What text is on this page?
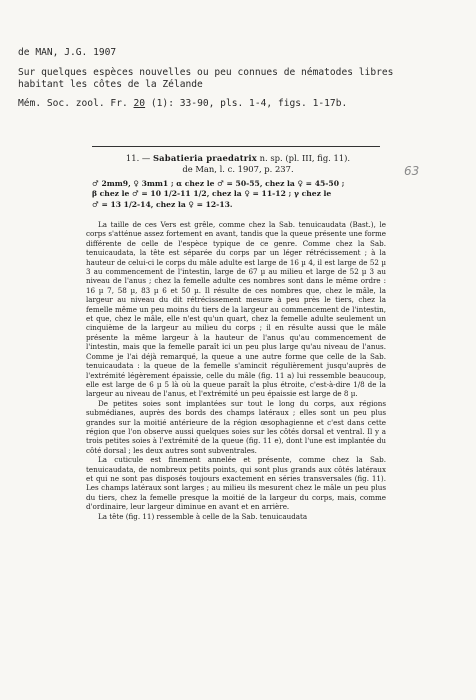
de MAN, J.G. 1907
Sur quelques espèces nouvelles ou peu connues de nématodes libres
habitant les côtes de la Zélande
Mém. Soc. zool. Fr. 20 (1): 33-90, pls. 1-4, figs. 1-17b.
11. — Sabatieria praedatrix n. sp. (pl. III, fig. 11).
de Man, l. c. 1907, p. 237.	63
♂ 2mm9, ♀ 3mm1 ; α chez le ♂ = 50-55, chez la ♀ = 45-50 ;
β chez le ♂ = 10 1/2-11 1/2, chez la ♀ = 11-12 ; γ chez le
♂ = 13 1/2-14, chez la ♀ = 12-13.

La taille de ces Vers est grêle, comme chez la Sab. tenuicaudata (Bast.), le corps s'atténue assez fortement en avant, tandis que la queue présente une forme différente de celle de l'espèce typique de ce genre. Comme chez la Sab. tenuicaudata, la tête est séparée du corps par un léger rétrécissement ; à la hauteur de celui-ci le corps du mâle adulte est large de 16 µ 4, il est large de 52 µ 3 au commencement de l'intestin, large de 67 µ au milieu et large de 52 µ 3 au niveau de l'anus ; chez la femelle adulte ces nombres sont dans le même ordre : 16 µ 7, 58 µ, 83 µ 6 et 50 µ. Il résulte de ces nombres que, chez le mâle, la largeur au niveau du dit rétrécissement mesure à peu près le tiers, chez la femelle même un peu moins du tiers de la largeur au commencement de l'intestin, et que, chez le mâle, elle n'est qu'un quart, chez la femelle adulte seulement un cinquième de la largeur au milieu du corps ; il en résulte aussi que le mâle présente la même largeur à la hauteur de l'anus qu'au commencement de l'intestin, mais que la femelle paraît ici un peu plus large qu'au niveau de l'anus. Comme je l'ai déjà remarqué, la queue a une autre forme que celle de la Sab. tenuicaudata : la queue de la femelle s'amincit régulièrement jusqu'auprès de l'extrémité légèrement épaissie, celle du mâle (fig. 11 a) lui ressemble beaucoup, elle est large de 6 µ 5 là où la queue paraît la plus étroite, c'est-à-dire 1/8 de la largeur au niveau de l'anus, et l'extrémité un peu épaissie est large de 8 µ.

De petites soies sont implantées sur tout le long du corps, aux régions submédianes, auprès des bords des champs latéraux ; elles sont un peu plus grandes sur la moitié antérieure de la région œsophagienne et c'est dans cette région que l'on observe aussi quelques soies sur les côtés dorsal et ventral. Il y a trois petites soies à l'extrémité de la queue (fig. 11 e), dont l'une est implantée du côté dorsal ; les deux autres sont subventrales.

La cuticule est finement annelée et présente, comme chez la Sab. tenuicaudata, de nombreux petits points, qui sont plus grands aux côtés latéraux et qui ne sont pas disposés toujours exactement en séries transversales (fig. 11). Les champs latéraux sont larges ; au milieu ils mesurent chez le mâle un peu plus du tiers, chez la femelle presque la moitié de la largeur du corps, mais, comme d'ordinaire, leur largeur diminue en avant et en arrière.

La tête (fig. 11) ressemble à celle de la Sab. tenuicaudata
